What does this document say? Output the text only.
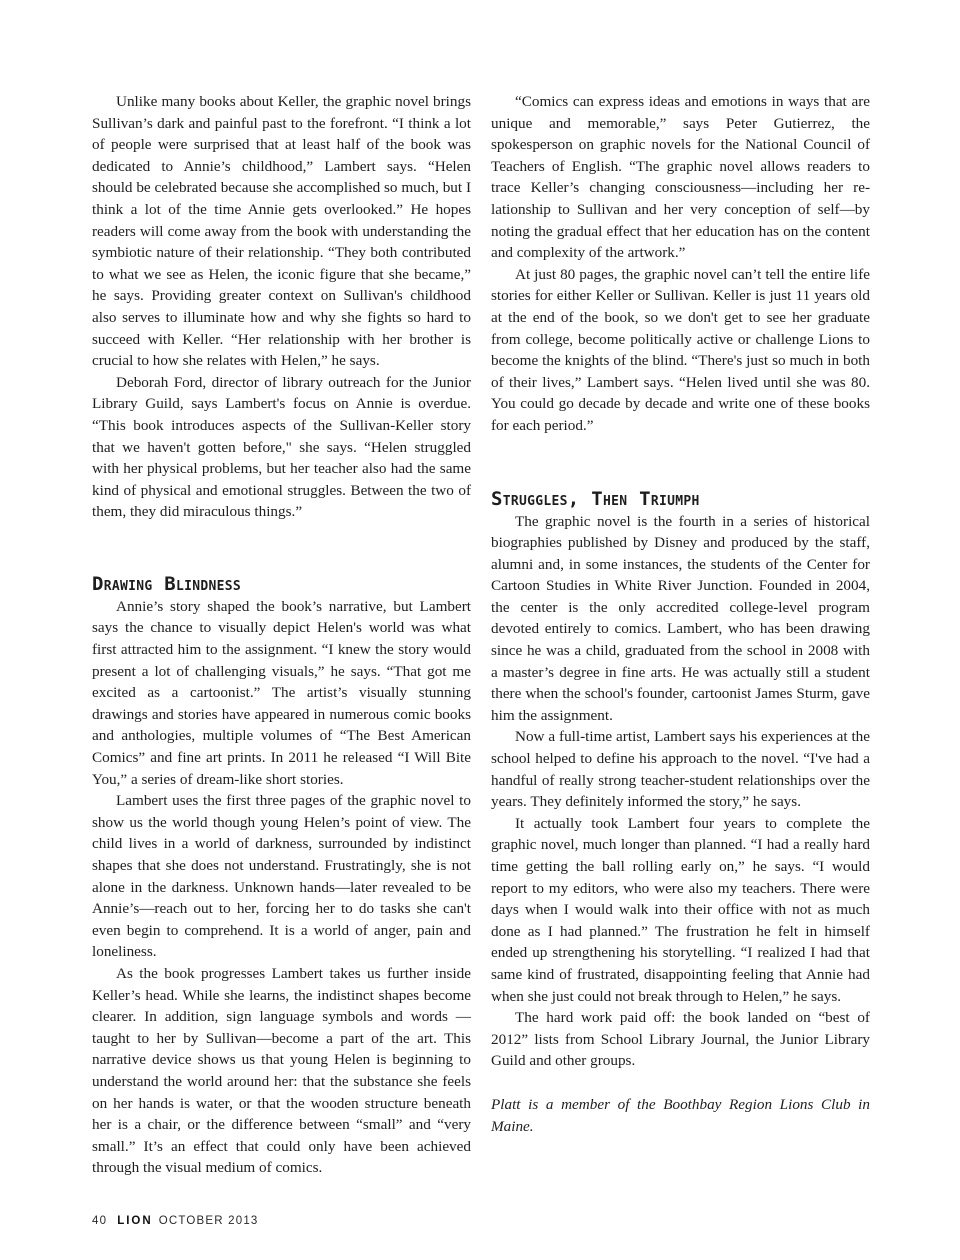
Unlike many books about Keller, the graphic novel brings Sullivan’s dark and painful past to the forefront. “I think a lot of people were surprised that at least half of the book was dedicated to Annie’s childhood,” Lambert says. “Helen should be celebrated because she accomplished so much, but I think a lot of the time Annie gets overlooked.” He hopes readers will come away from the book with understanding the symbiotic nature of their relationship. “They both contributed to what we see as Helen, the iconic figure that she became,” he says. Providing greater context on Sullivan's childhood also serves to illuminate how and why she fights so hard to succeed with Keller. “Her relationship with her brother is crucial to how she relates with Helen,” he says.

Deborah Ford, director of library outreach for the Junior Library Guild, says Lambert's focus on Annie is overdue. “This book introduces aspects of the Sullivan-Keller story that we haven't gotten before," she says. “Helen struggled with her physical problems, but her teacher also had the same kind of physical and emotional struggles. Between the two of them, they did miraculous things.”

Drawing Blindness

Annie’s story shaped the book’s narrative, but Lambert says the chance to visually depict Helen's world was what first attracted him to the assignment. “I knew the story would present a lot of challenging visuals,” he says. “That got me excited as a cartoonist.” The artist’s visually stunning drawings and stories have appeared in numerous comic books and anthologies, multiple volumes of “The Best American Comics” and fine art prints. In 2011 he released “I Will Bite You,” a series of dream-like short stories.

Lambert uses the first three pages of the graphic novel to show us the world though young Helen’s point of view. The child lives in a world of darkness, surrounded by indistinct shapes that she does not understand. Frustratingly, she is not alone in the darkness. Unknown hands—later revealed to be Annie’s—reach out to her, forcing her to do tasks she can't even begin to comprehend. It is a world of anger, pain and loneliness.

As the book progresses Lambert takes us further inside Keller’s head. While she learns, the indistinct shapes become clearer. In addition, sign language symbols and words —taught to her by Sullivan—become a part of the art. This narrative device shows us that young Helen is beginning to understand the world around her: that the substance she feels on her hands is water, or that the wooden structure beneath her is a chair, or the difference between “small” and “very small.” It’s an effect that could only have been achieved through the visual medium of comics.

“Comics can express ideas and emotions in ways that are unique and memorable,” says Peter Gutierrez, the spokesperson on graphic novels for the National Council of Teachers of English. “The graphic novel allows readers to trace Keller’s changing consciousness—including her relationship to Sullivan and her very conception of self—by noting the gradual effect that her education has on the content and complexity of the artwork.”

At just 80 pages, the graphic novel can’t tell the entire life stories for either Keller or Sullivan. Keller is just 11 years old at the end of the book, so we don't get to see her graduate from college, become politically active or challenge Lions to become the knights of the blind. “There's just so much in both of their lives,” Lambert says. “Helen lived until she was 80. You could go decade by decade and write one of these books for each period.”

Struggles, Then Triumph

The graphic novel is the fourth in a series of historical biographies published by Disney and produced by the staff, alumni and, in some instances, the students of the Center for Cartoon Studies in White River Junction. Founded in 2004, the center is the only accredited college-level program devoted entirely to comics. Lambert, who has been drawing since he was a child, graduated from the school in 2008 with a master’s degree in fine arts. He was actually still a student there when the school's founder, cartoonist James Sturm, gave him the assignment.

Now a full-time artist, Lambert says his experiences at the school helped to define his approach to the novel. “I've had a handful of really strong teacher-student relationships over the years. They definitely informed the story,” he says.

It actually took Lambert four years to complete the graphic novel, much longer than planned. “I had a really hard time getting the ball rolling early on,” he says. “I would report to my editors, who were also my teachers. There were days when I would walk into their office with not as much done as I had planned.” The frustration he felt in himself ended up strengthening his storytelling. “I realized I had that same kind of frustrated, disappointing feeling that Annie had when she just could not break through to Helen,” he says.

The hard work paid off: the book landed on “best of 2012” lists from School Library Journal, the Junior Library Guild and other groups.

Platt is a member of the Boothbay Region Lions Club in Maine.

40 LION OCTOBER 2013
